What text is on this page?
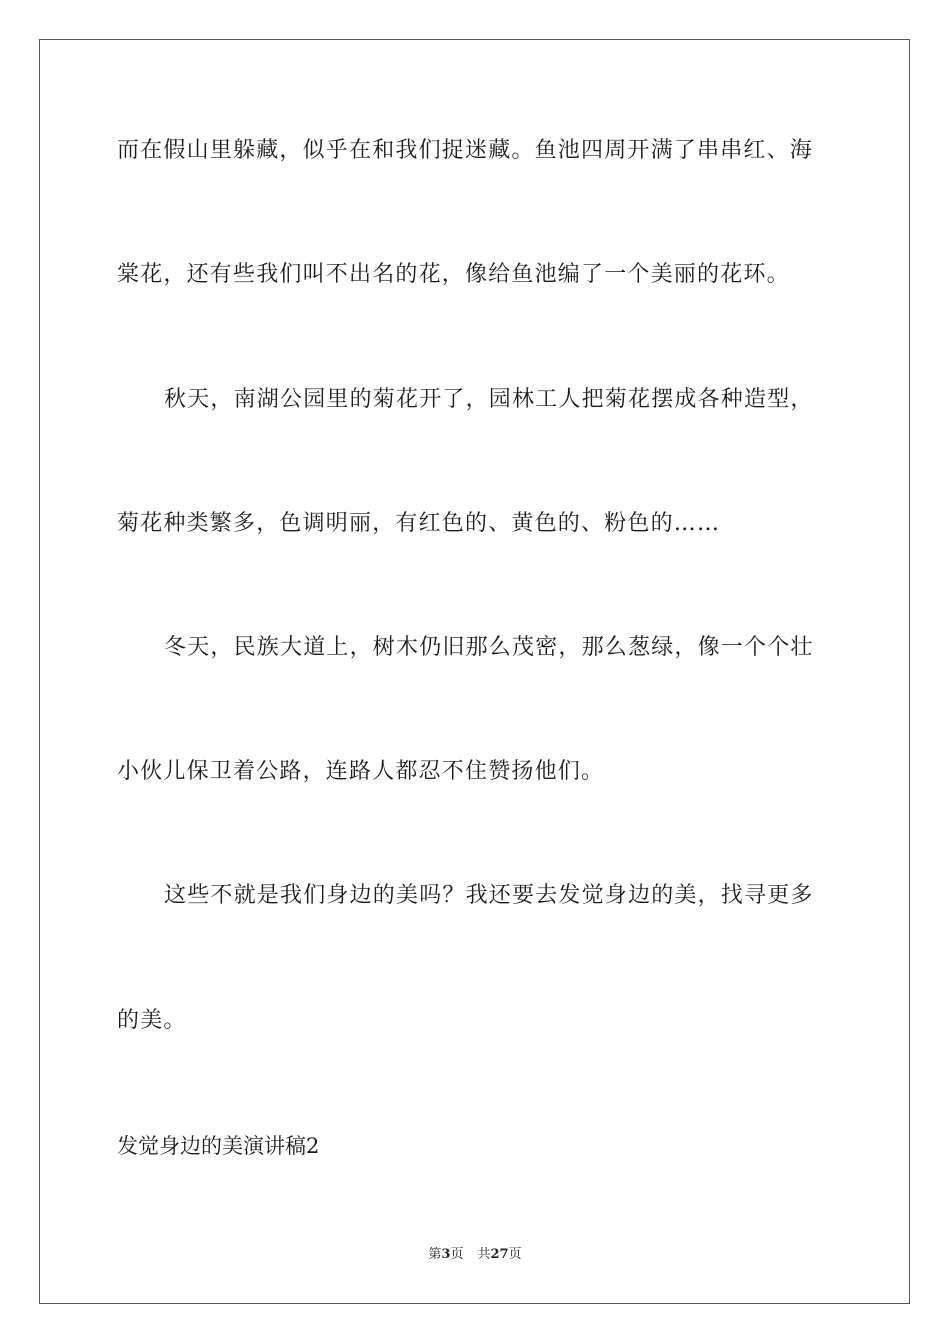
而在假山里躲藏，似乎在和我们捉迷藏。鱼池四周开满了串串红、海
棠花，还有些我们叫不出名的花，像给鱼池编了一个美丽的花环。
秋天，南湖公园里的菊花开了，园林工人把菊花摆成各种造型，
菊花种类繁多，色调明丽，有红色的、黄色的、粉色的……
冬天，民族大道上，树木仍旧那么茂密，那么葱绿，像一个个壮
小伙儿保卫着公路，连路人都忍不住赞扬他们。
这些不就是我们身边的美吗？我还要去发觉身边的美，找寻更多
的美。
发觉身边的美演讲稿2
第3页 共27页
